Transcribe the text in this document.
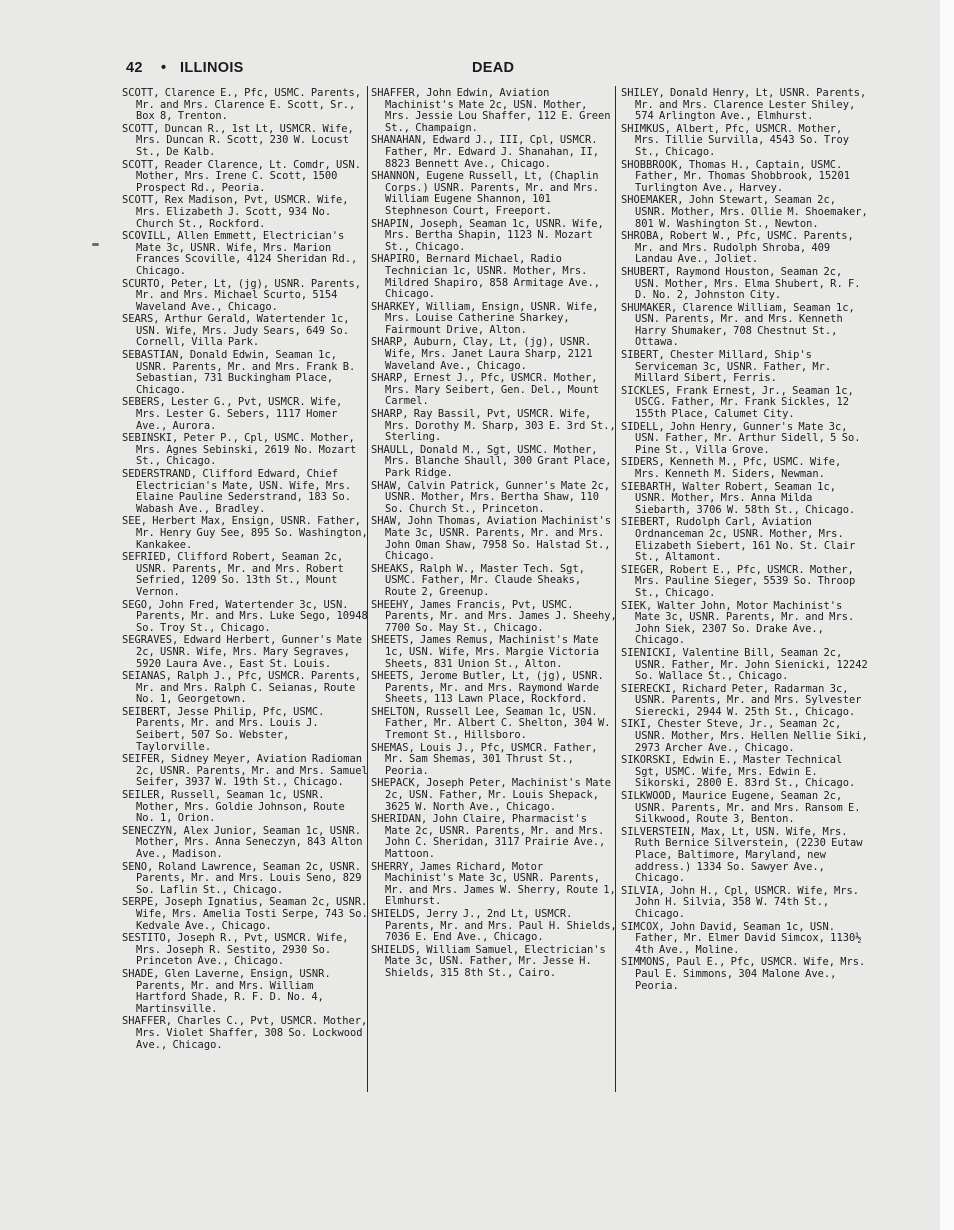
42 • ILLINOIS	DEAD
SCOTT, Clarence E., Pfc, USMC. Parents, Mr. and Mrs. Clarence E. Scott, Sr., Box 8, Trenton.
SCOTT, Duncan R., 1st Lt, USMCR. Wife, Mrs. Duncan R. Scott, 230 W. Locust St., De Kalb.
SCOTT, Reader Clarence, Lt. Comdr, USN. Mother, Mrs. Irene C. Scott, 1500 Prospect Rd., Peoria.
SCOTT, Rex Madison, Pvt, USMCR. Wife, Mrs. Elizabeth J. Scott, 934 No. Church St., Rockford.
SCOVILL, Allen Emmett, Electrician's Mate 3c, USNR. Wife, Mrs. Marion Frances Scoville, 4124 Sheridan Rd., Chicago.
SCURTO, Peter, Lt, (jg), USNR. Parents, Mr. and Mrs. Michael Scurto, 5154 Waveland Ave., Chicago.
SEARS, Arthur Gerald, Watertender 1c, USN. Wife, Mrs. Judy Sears, 649 So. Cornell, Villa Park.
SEBASTIAN, Donald Edwin, Seaman 1c, USNR. Parents, Mr. and Mrs. Frank B. Sebastian, 731 Buckingham Place, Chicago.
SEBERS, Lester G., Pvt, USMCR. Wife, Mrs. Lester G. Sebers, 1117 Homer Ave., Aurora.
SEBINSKI, Peter P., Cpl, USMC. Mother, Mrs. Agnes Sebinski, 2619 No. Mozart St., Chicago.
SEDERSTRAND, Clifford Edward, Chief Electrician's Mate, USN. Wife, Mrs. Elaine Pauline Sederstrand, 183 So. Wabash Ave., Bradley.
SEE, Herbert Max, Ensign, USNR. Father, Mr. Henry Guy See, 895 So. Washington, Kankakee.
SEFRIED, Clifford Robert, Seaman 2c, USNR. Parents, Mr. and Mrs. Robert Sefried, 1209 So. 13th St., Mount Vernon.
SEGO, John Fred, Watertender 3c, USN. Parents, Mr. and Mrs. Luke Sego, 10948 So. Troy St., Chicago.
SEGRAVES, Edward Herbert, Gunner's Mate 2c, USNR. Wife, Mrs. Mary Segraves, 5920 Laura Ave., East St. Louis.
SEIANAS, Ralph J., Pfc, USMCR. Parents, Mr. and Mrs. Ralph C. Seianas, Route No. 1, Georgetown.
SEIBERT, Jesse Philip, Pfc, USMC. Parents, Mr. and Mrs. Louis J. Seibert, 507 So. Webster, Taylorville.
SEIFER, Sidney Meyer, Aviation Radioman 2c, USNR. Parents, Mr. and Mrs. Samuel Seifer, 3937 W. 19th St., Chicago.
SEILER, Russell, Seaman 1c, USNR. Mother, Mrs. Goldie Johnson, Route No. 1, Orion.
SENECZYN, Alex Junior, Seaman 1c, USNR. Mother, Mrs. Anna Seneczyn, 843 Alton Ave., Madison.
SENO, Roland Lawrence, Seaman 2c, USNR. Parents, Mr. and Mrs. Louis Seno, 829 So. Laflin St., Chicago.
SERPE, Joseph Ignatius, Seaman 2c, USNR. Wife, Mrs. Amelia Tosti Serpe, 743 So. Kedvale Ave., Chicago.
SESTITO, Joseph R., Pvt, USMCR. Wife, Mrs. Joseph R. Sestito, 2930 So. Princeton Ave., Chicago.
SHADE, Glen Laverne, Ensign, USNR. Parents, Mr. and Mrs. William Hartford Shade, R. F. D. No. 4, Martinsville.
SHAFFER, Charles C., Pvt, USMCR. Mother, Mrs. Violet Shaffer, 308 So. Lockwood Ave., Chicago.
SHAFFER, John Edwin, Aviation Machinist's Mate 2c, USN. Mother, Mrs. Jessie Lou Shaffer, 112 E. Green St., Champaign.
SHANAHAN, Edward J., III, Cpl, USMCR. Father, Mr. Edward J. Shanahan, II, 8823 Bennett Ave., Chicago.
SHANNON, Eugene Russell, Lt, (Chaplin Corps.) USNR. Parents, Mr. and Mrs. William Eugene Shannon, 101 Stephneson Court, Freeport.
SHAPIN, Joseph, Seaman 1c, USNR. Wife, Mrs. Bertha Shapin, 1123 N. Mozart St., Chicago.
SHAPIRO, Bernard Michael, Radio Technician 1c, USNR. Mother, Mrs. Mildred Shapiro, 858 Armitage Ave., Chicago.
SHARKEY, William, Ensign, USNR. Wife, Mrs. Louise Catherine Sharkey, Fairmount Drive, Alton.
SHARP, Auburn, Clay, Lt, (jg), USNR. Wife, Mrs. Janet Laura Sharp, 2121 Waveland Ave., Chicago.
SHARP, Ernest J., Pfc, USMCR. Mother, Mrs. Mary Seibert, Gen. Del., Mount Carmel.
SHARP, Ray Bassil, Pvt, USMCR. Wife, Mrs. Dorothy M. Sharp, 303 E. 3rd St., Sterling.
SHAULL, Donald M., Sgt, USMC. Mother, Mrs. Blanche Shaull, 300 Grant Place, Park Ridge.
SHAW, Calvin Patrick, Gunner's Mate 2c, USNR. Mother, Mrs. Bertha Shaw, 110 So. Church St., Princeton.
SHAW, John Thomas, Aviation Machinist's Mate 3c, USNR. Parents, Mr. and Mrs. John Oman Shaw, 7958 So. Halstad St., Chicago.
SHEAKS, Ralph W., Master Tech. Sgt, USMC. Father, Mr. Claude Sheaks, Route 2, Greenup.
SHEEHY, James Francis, Pvt, USMC. Parents, Mr. and Mrs. James J. Sheehy, 7700 So. May St., Chicago.
SHEETS, James Remus, Machinist's Mate 1c, USN. Wife, Mrs. Margie Victoria Sheets, 831 Union St., Alton.
SHEETS, Jerome Butler, Lt, (jg), USNR. Parents, Mr. and Mrs. Raymond Warde Sheets, 113 Lawn Place, Rockford.
SHELTON, Russell Lee, Seaman 1c, USN. Father, Mr. Albert C. Shelton, 304 W. Tremont St., Hillsboro.
SHEMAS, Louis J., Pfc, USMCR. Father, Mr. Sam Shemas, 301 Thrust St., Peoria.
SHEPACK, Joseph Peter, Machinist's Mate 2c, USN. Father, Mr. Louis Shepack, 3625 W. North Ave., Chicago.
SHERIDAN, John Claire, Pharmacist's Mate 2c, USNR. Parents, Mr. and Mrs. John C. Sheridan, 3117 Prairie Ave., Mattoon.
SHERRY, James Richard, Motor Machinist's Mate 3c, USNR. Parents, Mr. and Mrs. James W. Sherry, Route 1, Elmhurst.
SHIELDS, Jerry J., 2nd Lt, USMCR. Parents, Mr. and Mrs. Paul H. Shields, 7036 E. End Ave., Chicago.
SHIELDS, William Samuel, Electrician's Mate 3c, USN. Father, Mr. Jesse H. Shields, 315 8th St., Cairo.
SHILEY, Donald Henry, Lt, USNR. Parents, Mr. and Mrs. Clarence Lester Shiley, 574 Arlington Ave., Elmhurst.
SHIMKUS, Albert, Pfc, USMCR. Mother, Mrs. Tillie Survilla, 4543 So. Troy St., Chicago.
SHOBBROOK, Thomas H., Captain, USMC. Father, Mr. Thomas Shobbrook, 15201 Turlington Ave., Harvey.
SHOEMAKER, John Stewart, Seaman 2c, USNR. Mother, Mrs. Ollie M. Shoemaker, 801 W. Washington St., Newton.
SHROBA, Robert W., Pfc, USMC. Parents, Mr. and Mrs. Rudolph Shroba, 409 Landau Ave., Joliet.
SHUBERT, Raymond Houston, Seaman 2c, USN. Mother, Mrs. Elma Shubert, R. F. D. No. 2, Johnston City.
SHUMAKER, Clarence William, Seaman 1c, USN. Parents, Mr. and Mrs. Kenneth Harry Shumaker, 708 Chestnut St., Ottawa.
SIBERT, Chester Millard, Ship's Serviceman 3c, USNR. Father, Mr. Millard Sibert, Ferris.
SICKLES, Frank Ernest, Jr., Seaman 1c, USCG. Father, Mr. Frank Sickles, 12 155th Place, Calumet City.
SIDELL, John Henry, Gunner's Mate 3c, USN. Father, Mr. Arthur Sidell, 5 So. Pine St., Villa Grove.
SIDERS, Kenneth M., Pfc, USMC. Wife, Mrs. Kenneth M. Siders, Newman.
SIEBARTH, Walter Robert, Seaman 1c, USNR. Mother, Mrs. Anna Milda Siebarth, 3706 W. 58th St., Chicago.
SIEBERT, Rudolph Carl, Aviation Ordnanceman 2c, USNR. Mother, Mrs. Elizabeth Siebert, 161 No. St. Clair St., Altamont.
SIEGER, Robert E., Pfc, USMCR. Mother, Mrs. Pauline Sieger, 5539 So. Throop St., Chicago.
SIEK, Walter John, Motor Machinist's Mate 3c, USNR. Parents, Mr. and Mrs. John Siek, 2307 So. Drake Ave., Chicago.
SIENICKI, Valentine Bill, Seaman 2c, USNR. Father, Mr. John Sienicki, 12242 So. Wallace St., Chicago.
SIERECKI, Richard Peter, Radarman 3c, USNR. Parents, Mr. and Mrs. Sylvester Sierecki, 2944 W. 25th St., Chicago.
SIKI, Chester Steve, Jr., Seaman 2c, USNR. Mother, Mrs. Hellen Nellie Siki, 2973 Archer Ave., Chicago.
SIKORSKI, Edwin E., Master Technical Sgt, USMC. Wife, Mrs. Edwin E. Sikorski, 2800 E. 83rd St., Chicago.
SILKWOOD, Maurice Eugene, Seaman 2c, USNR. Parents, Mr. and Mrs. Ransom E. Silkwood, Route 3, Benton.
SILVERSTEIN, Max, Lt, USN. Wife, Mrs. Ruth Bernice Silverstein, (2230 Eutaw Place, Baltimore, Maryland, new address.) 1334 So. Sawyer Ave., Chicago.
SILVIA, John H., Cpl, USMCR. Wife, Mrs. John H. Silvia, 358 W. 74th St., Chicago.
SIMCOX, John David, Seaman 1c, USN. Father, Mr. Elmer David Simcox, 1130½ 4th Ave., Moline.
SIMMONS, Paul E., Pfc, USMCR. Wife, Mrs. Paul E. Simmons, 304 Malone Ave., Peoria.
